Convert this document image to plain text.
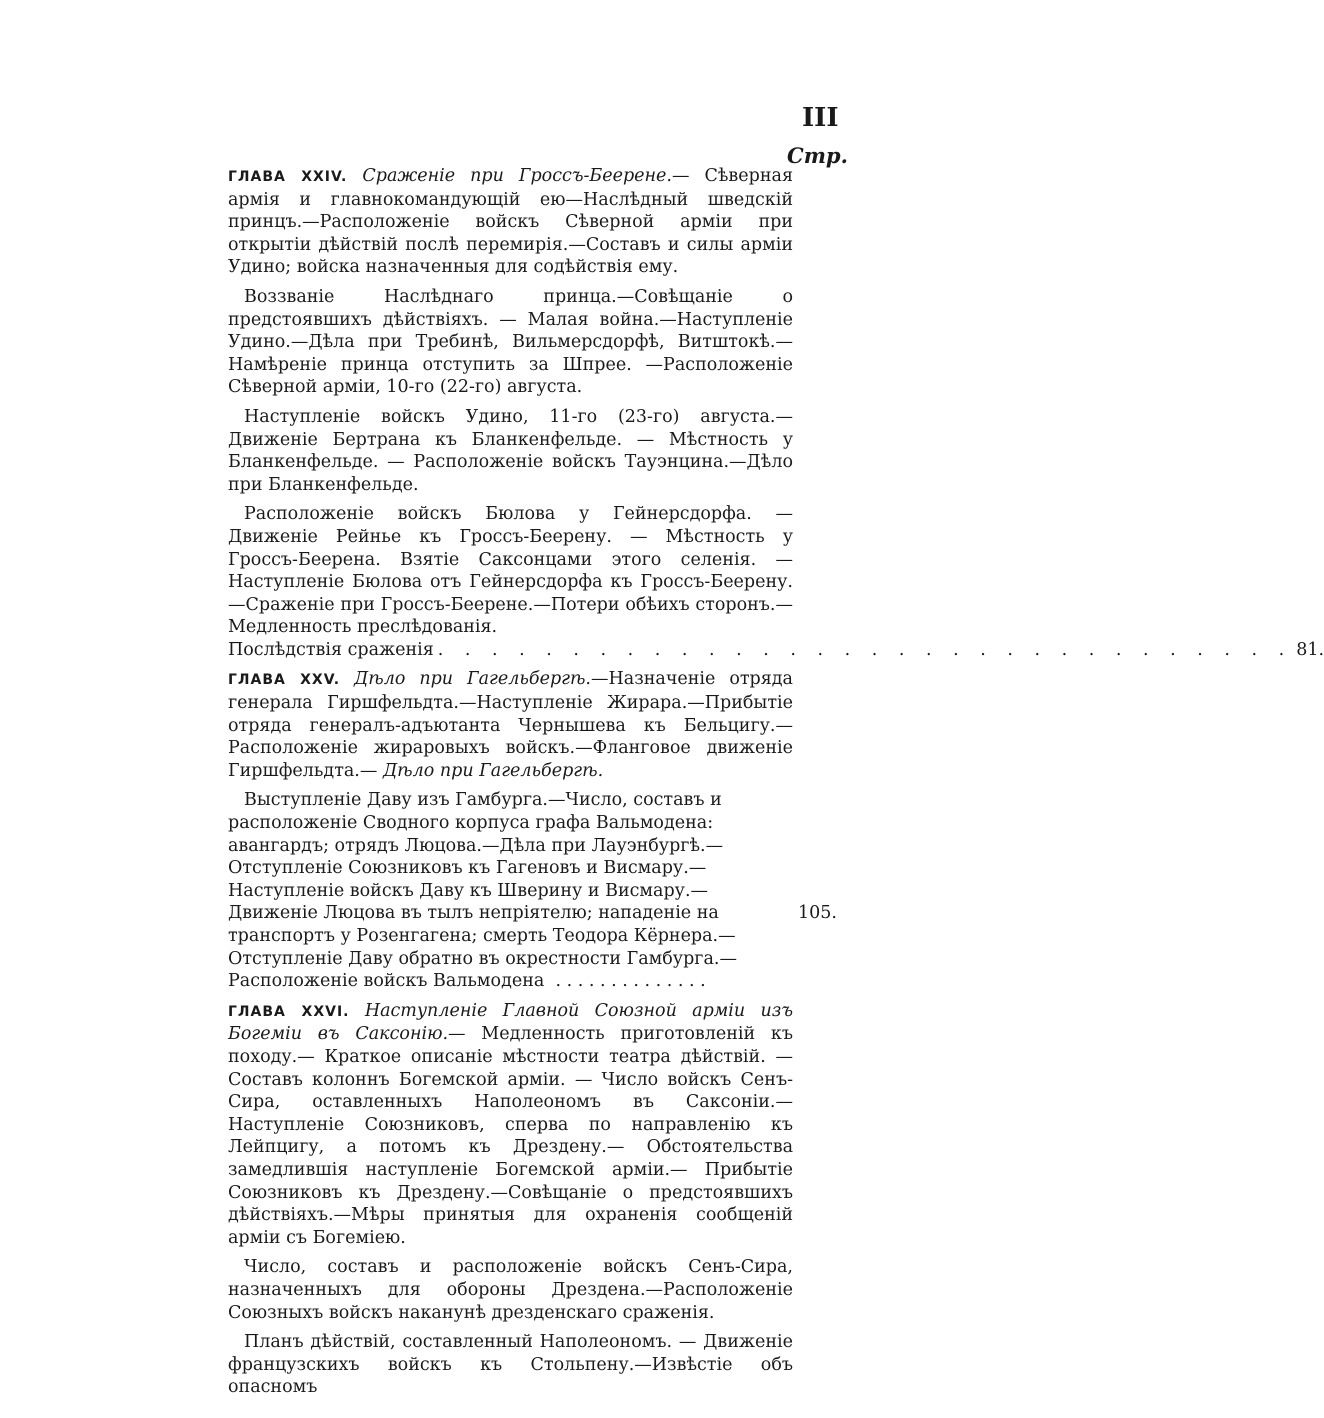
III
Стр.

ГЛАВА XXIV. Сраженіе при Гроссъ-Беерене.— Сѣверная армія и главнокомандующій ею—Наслѣдный шведскій принцъ.—Расположеніе войскъ Сѣверной арміи при открытіи дѣйствій послѣ перемирія.—Составъ и силы арміи Удино; войска назначенныя для содѣйствія ему.

Воззваніе Наслѣднаго принца.—Совѣщаніе о предстоявшихъ дѣйствіяхъ. — Малая война.—Наступленіе Удино.—Дѣла при Требинѣ, Вильмерсдорфѣ, Витштокѣ.—Намѣреніе принца отступить за Шпрее. —Расположеніе Сѣверной арміи, 10-го (22-го) августа.

Наступленіе войскъ Удино, 11-го (23-го) августа.—Движеніе Бертрана къ Бланкенфельде. — Мѣстность у Бланкенфельде. — Расположеніе войскъ Тауэнцина.—Дѣло при Бланкенфельде.

Расположеніе войскъ Бюлова у Гейнерсдорфа. — Движеніе Рейнье къ Гроссъ-Беерену. — Мѣстность у Гроссъ-Беерена. Взятіе Саксонцами этого селенія. — Наступленіе Бюлова отъ Гейнерсдорфа къ Гроссъ-Беерену.—Сраженіе при Гроссъ-Беерене.—Потери обѣихъ сторонъ.—Медленность преслѣдованія.

Послѣдствія сраженія . . . . . . . . . . . . . . . . . . . . . . . . . . . . . . . . 81.

ГЛАВА XXV. Дѣло при Гагельбергѣ.—Назначеніе отряда генерала Гиршфельдта.—Наступленіе Жирара.—Прибытіе отряда генералъ-адъютанта Чернышева къ Бельцигу.—Расположеніе жираровыхъ войскъ.—Фланговое движеніе Гиршфельдта.— Дѣло при Гагельбергѣ.

Выступленіе Даву изъ Гамбурга.—Число, составъ и расположеніе Сводного корпуса графа Вальмодена: авангардъ; отрядъ Люцова.—Дѣла при Лауэнбургѣ.—Отступленіе Союзниковъ къ Гагеновъ и Висмару.—Наступленіе войскъ Даву къ Шверину и Висмару.—Движеніе Люцова въ тылъ непріятелю; нападеніе на транспортъ у Розенгагена; смерть Теодора Кёрнера.— Отступленіе Даву обратно въ окрестности Гамбурга.—Расположеніе войскъ Вальмодена  . . . . . . . . . . . . . .

105.

ГЛАВА XXVI. Наступленіе Главной Союзной арміи изъ Богеміи въ Саксонію.— Медленность приготовленій къ походу.— Краткое описаніе мѣстности театра дѣйствій. — Составъ колоннъ Богемской арміи. — Число войскъ Сенъ-Сира, оставленныхъ Наполеономъ въ Саксоніи.—Наступленіе Союзниковъ, сперва по направленію къ Лейпцигу, а потомъ къ Дрездену.— Обстоятельства замедлившія наступленіе Богемской арміи.— Прибытіе Союзниковъ къ Дрездену.—Совѣщаніе о предстоявшихъ дѣйствіяхъ.—Мѣры принятыя для охраненія сообщеній арміи съ Богеміею.

Число, составъ и расположеніе войскъ Сенъ-Сира, назначенныхъ для обороны Дрездена.—Расположеніе Союзныхъ войскъ наканунѣ дрезденскаго сраженія.

Планъ дѣйствій, составленный Наполеономъ. — Движеніе французскихъ войскъ къ Стольпену.—Извѣстіе объ опасномъ
